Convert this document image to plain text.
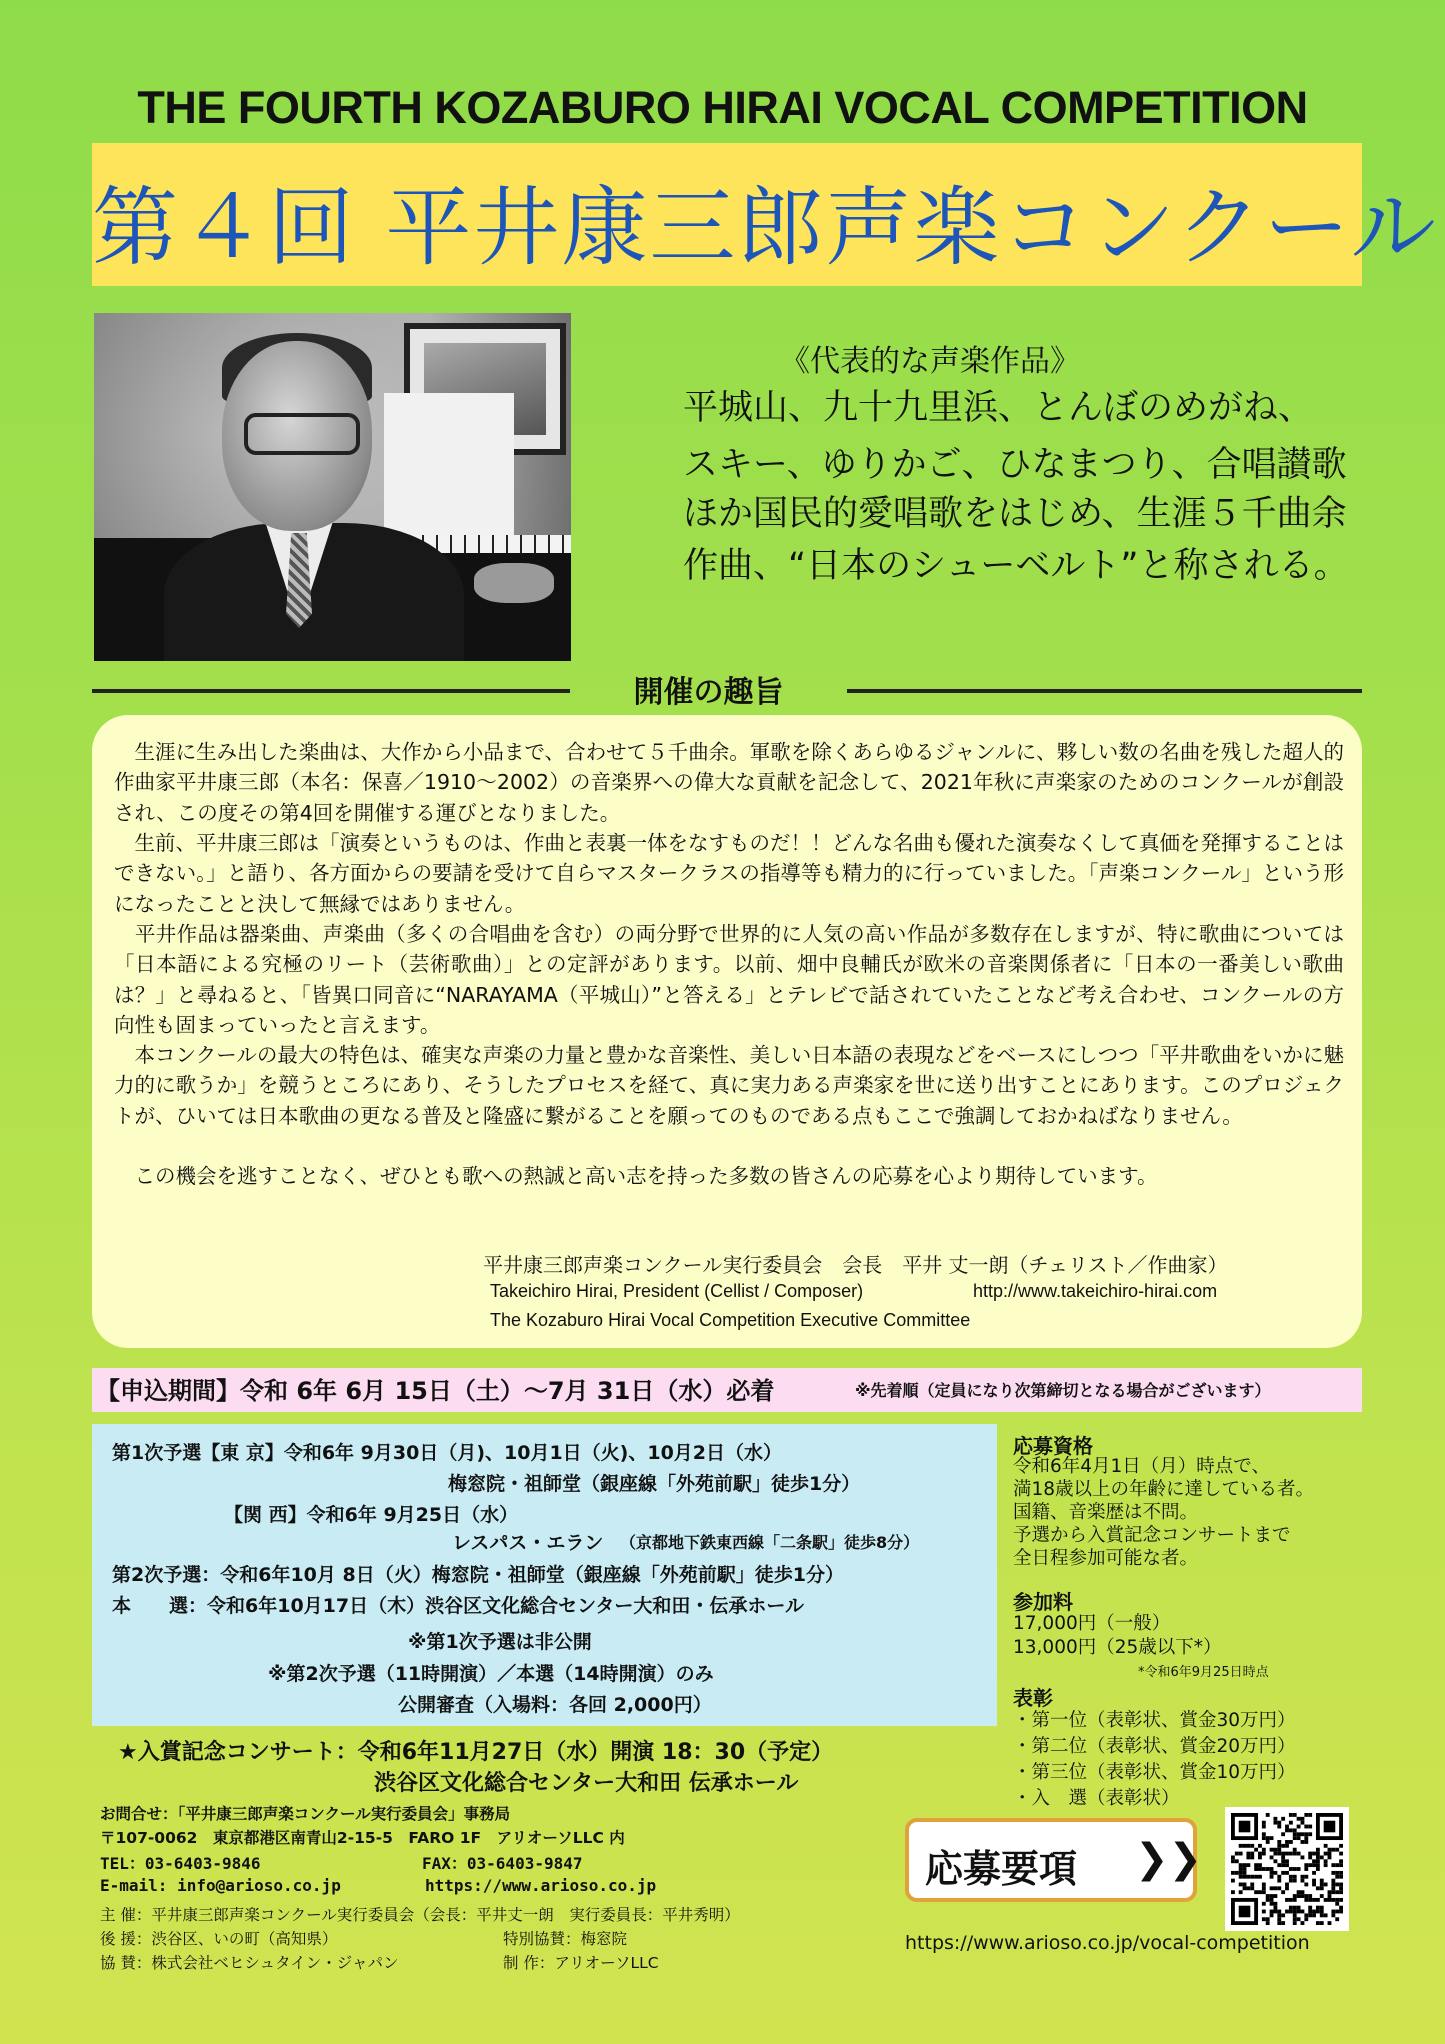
THE FOURTH KOZABURO HIRAI VOCAL COMPETITION
第４回 平井康三郎声楽コンクール
《代表的な声楽作品》
平城山、九十九里浜、とんぼのめがね、
スキー、ゆりかご、ひなまつり、合唱讃歌
ほか国民的愛唱歌をはじめ、生涯５千曲余
作曲、“日本のシューベルト”と称される。
開催の趣旨
　生涯に生み出した楽曲は、大作から小品まで、合わせて５千曲余。軍歌を除くあらゆるジャンルに、夥しい数の名曲を残した超人的作曲家平井康三郎（本名：保喜／1910～2002）の音楽界への偉大な貢献を記念して、2021年秋に声楽家のためのコンクールが創設され、この度その第4回を開催する運びとなりました。
　生前、平井康三郎は「演奏というものは、作曲と表裏一体をなすものだ！！どんな名曲も優れた演奏なくして真価を発揮することはできない。」と語り、各方面からの要請を受けて自らマスタークラスの指導等も精力的に行っていました。「声楽コンクール」という形になったことと決して無縁ではありません。
　平井作品は器楽曲、声楽曲（多くの合唱曲を含む）の両分野で世界的に人気の高い作品が多数存在しますが、特に歌曲については「日本語による究極のリート（芸術歌曲）」との定評があります。以前、畑中良輔氏が欧米の音楽関係者に「日本の一番美しい歌曲は？」と尋ねると、「皆異口同音に“NARAYAMA（平城山）”と答える」とテレビで話されていたことなど考え合わせ、コンクールの方向性も固まっていったと言えます。
　本コンクールの最大の特色は、確実な声楽の力量と豊かな音楽性、美しい日本語の表現などをベースにしつつ「平井歌曲をいかに魅力的に歌うか」を競うところにあり、そうしたプロセスを経て、真に実力ある声楽家を世に送り出すことにあります。このプロジェクトが、ひいては日本歌曲の更なる普及と隆盛に繋がることを願ってのものである点もここで強調しておかねばなりません。
　この機会を逃すことなく、ぜひとも歌への熱誠と高い志を持った多数の皆さんの応募を心より期待しています。
平井康三郎声楽コンクール実行委員会　会長　平井 丈一朗（チェリスト／作曲家）
Takeichiro Hirai, President (Cellist / Composer)	http://www.takeichiro-hirai.com
The Kozaburo Hirai Vocal Competition Executive Committee
【申込期間】令和 6年 6月 15日（土）～7月 31日（水）必着	※先着順（定員になり次第締切となる場合がございます）
第1次予選【東 京】令和6年 9月30日（月)、10月1日（火)、10月2日（水）
梅窓院・祖師堂（銀座線「外苑前駅」徒歩1分）
【関 西】令和6年 9月25日（水）
レスパス・エラン （京都地下鉄東西線「二条駅」徒歩8分）
第2次予選：令和6年10月 8日（火）梅窓院・祖師堂（銀座線「外苑前駅」徒歩1分）
本　　選：令和6年10月17日（木）渋谷区文化総合センター大和田・伝承ホール
※第1次予選は非公開
※第2次予選（11時開演）／本選（14時開演）のみ
公開審査（入場料：各回 2,000円）
応募資格
令和6年4月1日（月）時点で、
満18歳以上の年齢に達している者。
国籍、音楽歴は不問。
予選から入賞記念コンサートまで
全日程参加可能な者。
参加料
17,000円（一般）
13,000円（25歳以下*）
*令和6年9月25日時点
表彰
・第一位（表彰状、賞金30万円）
・第二位（表彰状、賞金20万円）
・第三位（表彰状、賞金10万円）
・入　選（表彰状）
★入賞記念コンサート：令和6年11月27日（水）開演 18：30（予定）
渋谷区文化総合センター大和田 伝承ホール
お問合せ：「平井康三郎声楽コンクール実行委員会」事務局
〒107-0062　東京都港区南青山2-15-5　FARO 1F　アリオーソLLC 内
TEL：03-6403-9846	FAX：03-6403-9847
E-mail: info@arioso.co.jp	https://www.arioso.co.jp
主 催：平井康三郎声楽コンクール実行委員会（会長：平井丈一朗　実行委員長：平井秀明）
後 援：渋谷区、いの町（高知県）	特別協賛：梅窓院
協 賛：株式会社ベヒシュタイン・ジャパン	制 作：アリオーソLLC
応募要項 ❯❯
https://www.arioso.co.jp/vocal-competition
